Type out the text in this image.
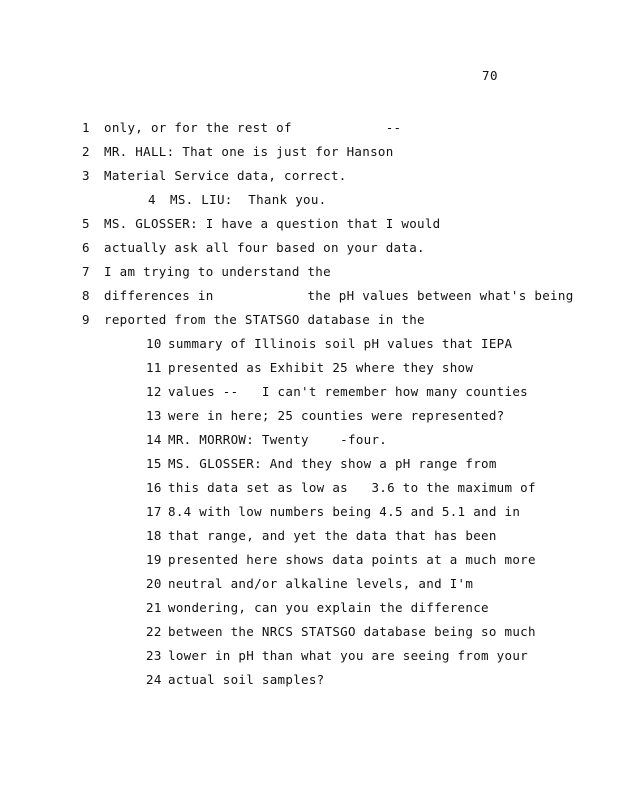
70
1 only, or for the rest of            --
2 MR. HALL: That one is just for Hanson
3 Material Service data, correct.
4 MS. LIU:  Thank you.
5 MS. GLOSSER: I have a question that I would
6 actually ask all four based on your data.
7 I am trying to understand the
8 differences in            the pH values between what's being
9 reported from the STATSGO database in the
10 summary of Illinois soil pH values that IEPA
11 presented as Exhibit 25 where they show
12 values --   I can't remember how many counties
13 were in here; 25 counties were represented?
14 MR. MORROW: Twenty    -four.
15 MS. GLOSSER: And they show a pH range from
16 this data set as low as   3.6 to the maximum of
17 8.4 with low numbers being 4.5 and 5.1 and in
18 that range, and yet the data that has been
19 presented here shows data points at a much more
20 neutral and/or alkaline levels, and I'm
21 wondering, can you explain the difference
22 between the NRCS STATSGO database being so much
23 lower in pH than what you are seeing from your
24 actual soil samples?
